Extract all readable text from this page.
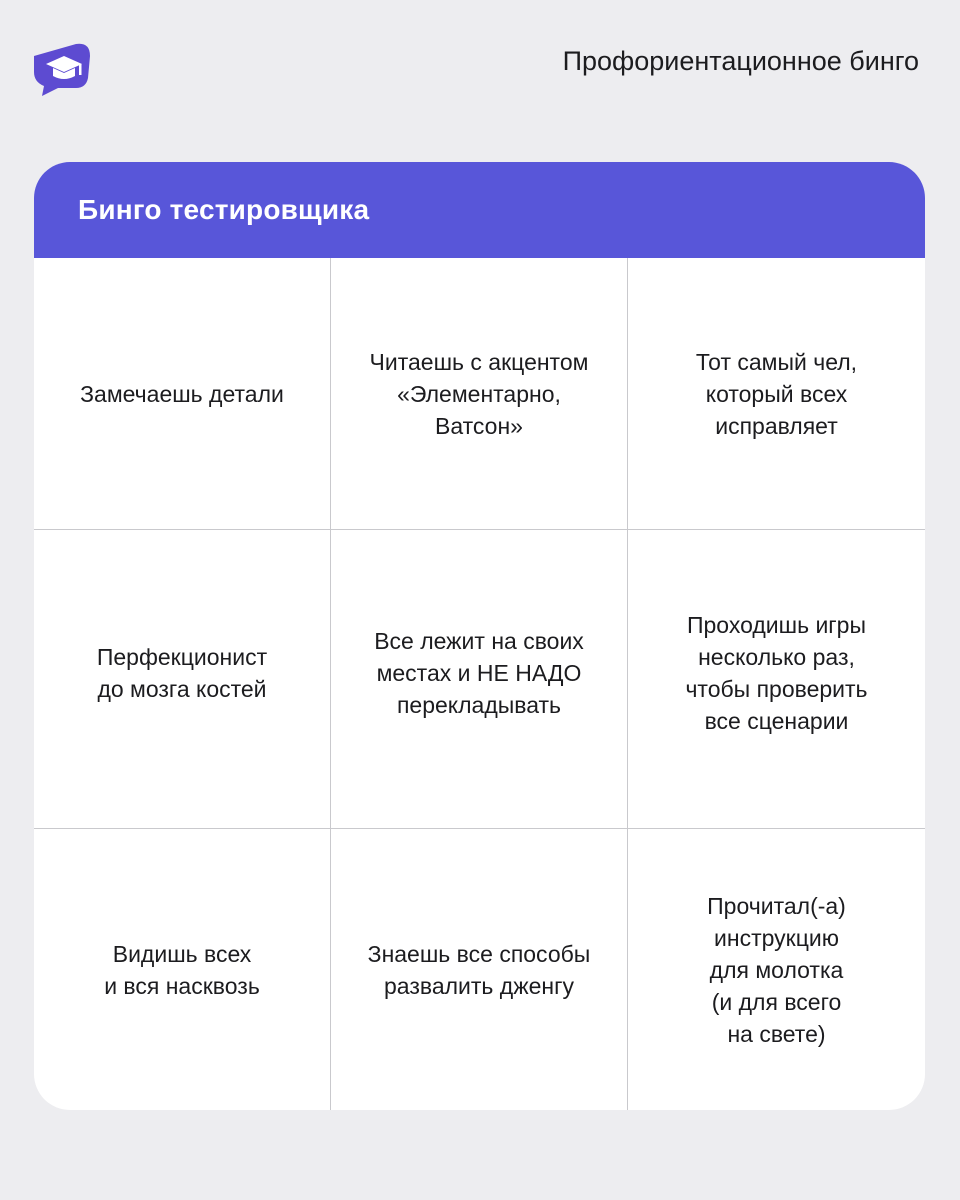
Профориентационное бинго
Бинго тестировщика
Замечаешь детали
Читаешь с акцентом
«Элементарно,
Ватсон»
Тот самый чел,
который всех
исправляет
Перфекционист
до мозга костей
Все лежит на своих
местах и НЕ НАДО
перекладывать
Проходишь игры
несколько раз,
чтобы проверить
все сценарии
Видишь всех
и вся насквозь
Знаешь все способы
развалить дженгу
Прочитал(-а)
инструкцию
для молотка
(и для всего
на свете)
